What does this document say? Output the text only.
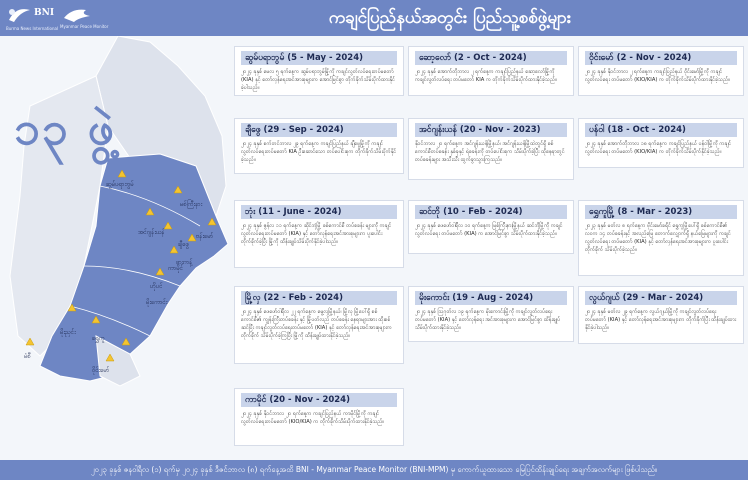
BNI
Burma News International Myanmar Peace Monitor	ကချင်ပြည်နယ်အတွင်း ပြည်သူ့စစ်ဖွဲ့များ
ဆွမ်ပရာဘွမ်
မစ်ကြီးနား
ဗန်းမော်
အင်ဂျန်းယန်
ချီဖွေ
ဖားကန့်
ဟိုပင်
ကာမိုင်
မိုးကောင်း
မိုးညှင်း
ရွှေကူ
မံစီ
ဝိုင်းမော်
၁၃ ဖွဲ့
ဆွမ်ပရာဘွမ် (5 - May - 2024)
၂၀၂၄ ခုနှစ် မေလ ၅ ရက်နေ့က ဆွမ်ပရာဘွမ်မြို့ကို ကချင်လွတ်လပ်ရေးတပ်မတော် (KIA) နှင့် တော်လှန်ရေးအင်အားစုများက အောင်မြင်စွာ တိုက်ခိုက်သိမ်းပိုက်ထားနိုင်ခဲ့ပါသည်။
ချီဖွေ (29 - Sep - 2024)
၂၀၂၄ ခုနှစ် စက်တင်ဘာလ ၂၉ ရက်နေ့က ကချင်ပြည်နယ် ချီဖွေမြို့ကို ကချင်လွတ်လပ်ရေးတပ်မတော် KIA ဦးဆောင်သော တပ်ပေါင်းစုက တိုက်ခိုက်သိမ်းပိုက်နိုင်ခဲ့သည်။
ဘုံး (11 - June - 2024)
၂၀၂၄ ခုနှစ် ဇွန်လ ၁၁ ရက်နေ့က ဆိုင်ဘုံမြို့ စစ်ကောင်စီ တပ်စခန်း များကို ကချင်လွတ်လပ်ရေးတပ်မတော် (KIA) နှင့် တော်လှန်ရေးအင်အားစုများက ပူးပေါင်း တိုက်ခိုက်ခဲ့ပြီး မြို့ကို ထိန်းချုပ်သိမ်းပိုက်နိုင်ခဲ့ပါသည်။
မြို့လှ (22 - Feb - 2024)
၂၀၂၄ ခုနှစ် ဖေဖော်ဝါရီလ ၂၂ ရက်နေ့က မွေ့လှမြို့နယ်၊ မြို့လှ မြို့ပေါ်ရှိ စစ်ကောင်စီ၏ ကျွန်းကြီးတပ်စခန်း နှင့် မြို့ပတ်လည် တပ်စခန်း နေရာများအား ထိုးစစ်ဆင်ပြီး ကချင်လွတ်လပ်ရေးတပ်မတော် (KIA) နှင့် တော်လှန်ရေးအင်အားစုများက တိုက်ခိုက် သိမ်းပိုက်ခဲ့ကြပြီး မြို့ကို ထိန်းချုပ်ထားနိုင်ခဲ့သည်။
ကာမိုင် (20 - Nov - 2024)
၂၀၂၄ ခုနှစ် နိုဝင်ဘာလ ၂၀ ရက်နေ့က ကချင်ပြည်နယ် ကာမိုင်မြို့ကို ကချင်လွတ်လပ်ရေးတပ်မတော် (KIO/KIA) က တိုက်ခိုက်သိမ်းပိုက်ထားနိုင်ခဲ့သည်။
ဆော့လော် (2 - Oct - 2024)
၂၀၂၄ ခုနှစ် အောက်တိုဘာလ ၂ ရက်နေ့က ကချင်ပြည်နယ် ဆော့လော်မြို့ကို ကချင်လွတ်လပ်ရေး တပ်မတော် KIA က တိုက်ခိုက်သိမ်းပိုက်ထားနိုင်ခဲ့သည်။
အင်ဂျန်းယန် (20 - Nov - 2023)
နိုဝင်ဘာလ ၂၀ ရက်နေ့က အင်ဂျန်းယန်မြို့နယ်၊ အင်ဂျန်းယန်မြို့ထဲတွင်ရှိ စစ်ကောင်စီတပ်စခန်း နှစ်ခုနှင့် ရဲစခန်းကို တပ်ပေါင်းစုက သိမ်းပိုက်ခဲ့ပြီး ထိုနေရာတွင် တပ်စခန်းများ အသီးသီး ထွက်ခွာသွားကြသည်။
ဆင်ဘို (10 - Feb - 2024)
၂၀၂၄ ခုနှစ် ဖေဖော်ဝါရီလ ၁၀ ရက်နေ့က မြစ်ကြီးနားမြို့နယ် ဆင်ဘိုမြို့ကို ကချင်လွတ်လပ်ရေး တပ်မတော် (KIA) က အောင်မြင်စွာ သိမ်းပိုက်ထားနိုင်ခဲ့သည်။
မိုးကောင်း (19 - Aug - 2024)
၂၀၂၄ ခုနှစ် ဩဂုတ်လ ၁၉ ရက်နေ့က မိုးကောင်းမြို့ကို ကချင်လွတ်လပ်ရေးတပ်မတော် (KIA) နှင့် တော်လှန်ရေး အင်အားစုများက အောင်မြင်စွာ ထိန်းချုပ်သိမ်းပိုက်ထားနိုင်ခဲ့သည်။
ဝိုင်းမော် (2 - Nov - 2024)
၂၀၂၄ ခုနှစ် နိုဝင်ဘာလ ၂ ရက်နေ့က ကချင်ပြည်နယ် ဝိုင်းမော်မြို့ကို ကချင်လွတ်လပ်ရေး တပ်မတော် (KIO/KIA) က တိုက်ခိုက်သိမ်းပိုက်ထားနိုင်ခဲ့သည်။
ပန်ဝါ (18 - Oct - 2024)
၂၀၂၄ ခုနှစ် အောက်တိုဘာလ ၁၈ ရက်နေ့က ကချင်ပြည်နယ် ပန်ဝါမြို့ကို ကချင်လွတ်လပ်ရေး တပ်မတော် (KIO/KIA) က တိုက်ခိုက်သိမ်းပိုက်နိုင်ခဲ့သည်။
ရွှေကူမြို့ (8 - Mar - 2023)
၂၀၂၃ ခုနှစ် မတ်လ ၈ ရက်နေ့က ဗိုင်းမော်ခရိုင် ရွှေကူမြို့ပေါ်ရှိ စစ်ကောင်စီ၏ လဝက ၁၄ တပ်စခန်းနှင့် အလည်မြေ တောက်လျှောက်ရှိ နယ်မြေများကို ကချင်လွတ်လပ်ရေး တပ်မတော် (KIA) နှင့် တော်လှန်ရေးအင်အားစုများက ပူးပေါင်း တိုက်ခိုက် သိမ်းပိုက်ခဲ့သည်။
လွယ်ဂျယ် (29 - Mar - 2024)
၂၀၂၄ ခုနှစ် မတ်လ ၂၉ ရက်နေ့က လွယ်ဂျယ်မြို့ကို ကချင်လွတ်လပ်ရေးတပ်မတော် (KIA) နှင့် တော်လှန်ရေးအင်အားစုများက တိုက်ခိုက်ပြီး ထိန်းချုပ်ထားနိုင်ခဲ့ပါသည်။
၂၀၂၃ ခုနှစ် ဇနဝါရီလ (၁) ရက်မှ ၂၀၂၄ ခုနှစ် ဒီဇင်ဘာလ (၈) ရက်နေ့အထိ BNI - Myanmar Peace Monitor (BNI-MPM) မှ ကောက်ယူထားသော မြေပြင်ထိန်းချုပ်ရေး အချက်အလက်များ ဖြစ်ပါသည်။
